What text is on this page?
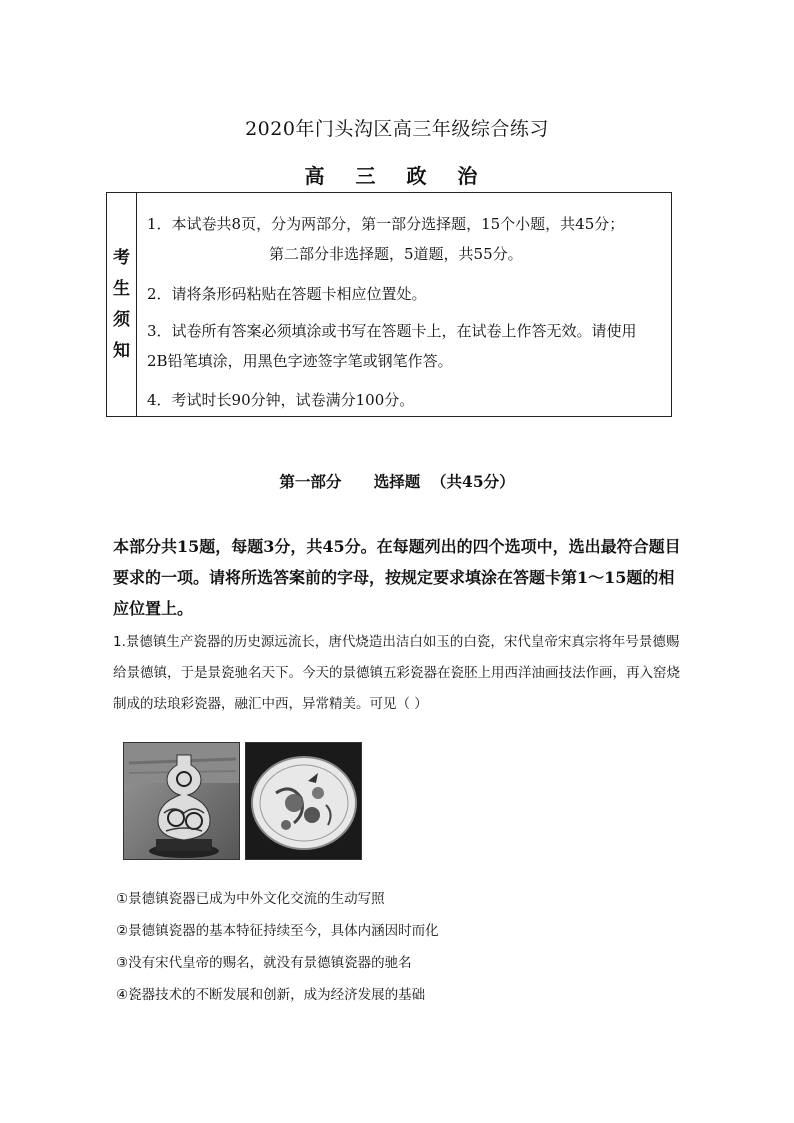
2020年门头沟区高三年级综合练习
高 三 政 治
考
生
须
知
1．本试卷共8页，分为两部分，第一部分选择题，15个小题，共45分；
第二部分非选择题，5道题，共55分。
2．请将条形码粘贴在答题卡相应位置处。
3．试卷所有答案必须填涂或书写在答题卡上，在试卷上作答无效。请使用
2B铅笔填涂，用黑色字迹签字笔或钢笔作答。
4．考试时长90分钟，试卷满分100分。
第一部分      选择题  （共45分）
本部分共15题，每题3分，共45分。在每题列出的四个选项中，选出最符合题目要求的一项。请将所选答案前的字母，按规定要求填涂在答题卡第1～15题的相应位置上。
1.景德镇生产瓷器的历史源远流长，唐代烧造出洁白如玉的白瓷，宋代皇帝宋真宗将年号景德赐给景德镇，于是景瓷驰名天下。今天的景德镇五彩瓷器在瓷胚上用西洋油画技法作画，再入窑烧制成的珐琅彩瓷器，融汇中西，异常精美。可见（ ）
①景德镇瓷器已成为中外文化交流的生动写照
②景德镇瓷器的基本特征持续至今，具体内涵因时而化
③没有宋代皇帝的赐名，就没有景德镇瓷器的驰名
④瓷器技术的不断发展和创新，成为经济发展的基础
